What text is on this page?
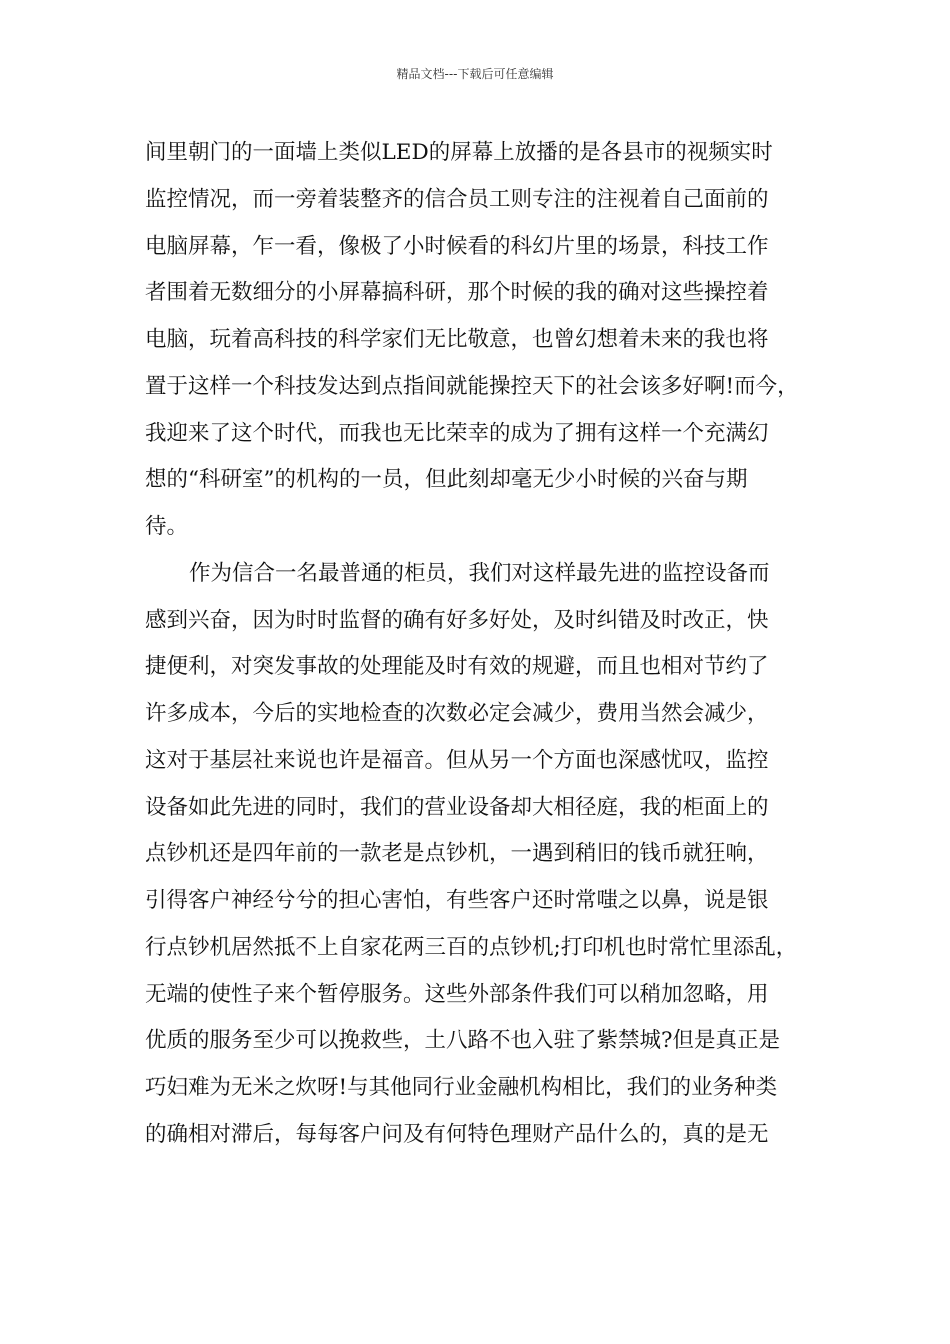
精品文档---下载后可任意编辑
间里朝门的一面墙上类似LED的屏幕上放播的是各县市的视频实时
监控情况，而一旁着装整齐的信合员工则专注的注视着自己面前的
电脑屏幕，乍一看，像极了小时候看的科幻片里的场景，科技工作
者围着无数细分的小屏幕搞科研，那个时候的我的确对这些操控着
电脑，玩着高科技的科学家们无比敬意，也曾幻想着未来的我也将
置于这样一个科技发达到点指间就能操控天下的社会该多好啊!而今，
我迎来了这个时代，而我也无比荣幸的成为了拥有这样一个充满幻
想的“科研室”的机构的一员，但此刻却毫无少小时候的兴奋与期
待。
作为信合一名最普通的柜员，我们对这样最先进的监控设备而
感到兴奋，因为时时监督的确有好多好处，及时纠错及时改正，快
捷便利，对突发事故的处理能及时有效的规避，而且也相对节约了
许多成本，今后的实地检查的次数必定会减少，费用当然会减少，
这对于基层社来说也许是福音。但从另一个方面也深感忧叹，监控
设备如此先进的同时，我们的营业设备却大相径庭，我的柜面上的
点钞机还是四年前的一款老是点钞机，一遇到稍旧的钱币就狂响，
引得客户神经兮兮的担心害怕，有些客户还时常嗤之以鼻，说是银
行点钞机居然抵不上自家花两三百的点钞机;打印机也时常忙里添乱，
无端的使性子来个暂停服务。这些外部条件我们可以稍加忽略，用
优质的服务至少可以挽救些，土八路不也入驻了紫禁城?但是真正是
巧妇难为无米之炊呀!与其他同行业金融机构相比，我们的业务种类
的确相对滞后，每每客户问及有何特色理财产品什么的，真的是无
